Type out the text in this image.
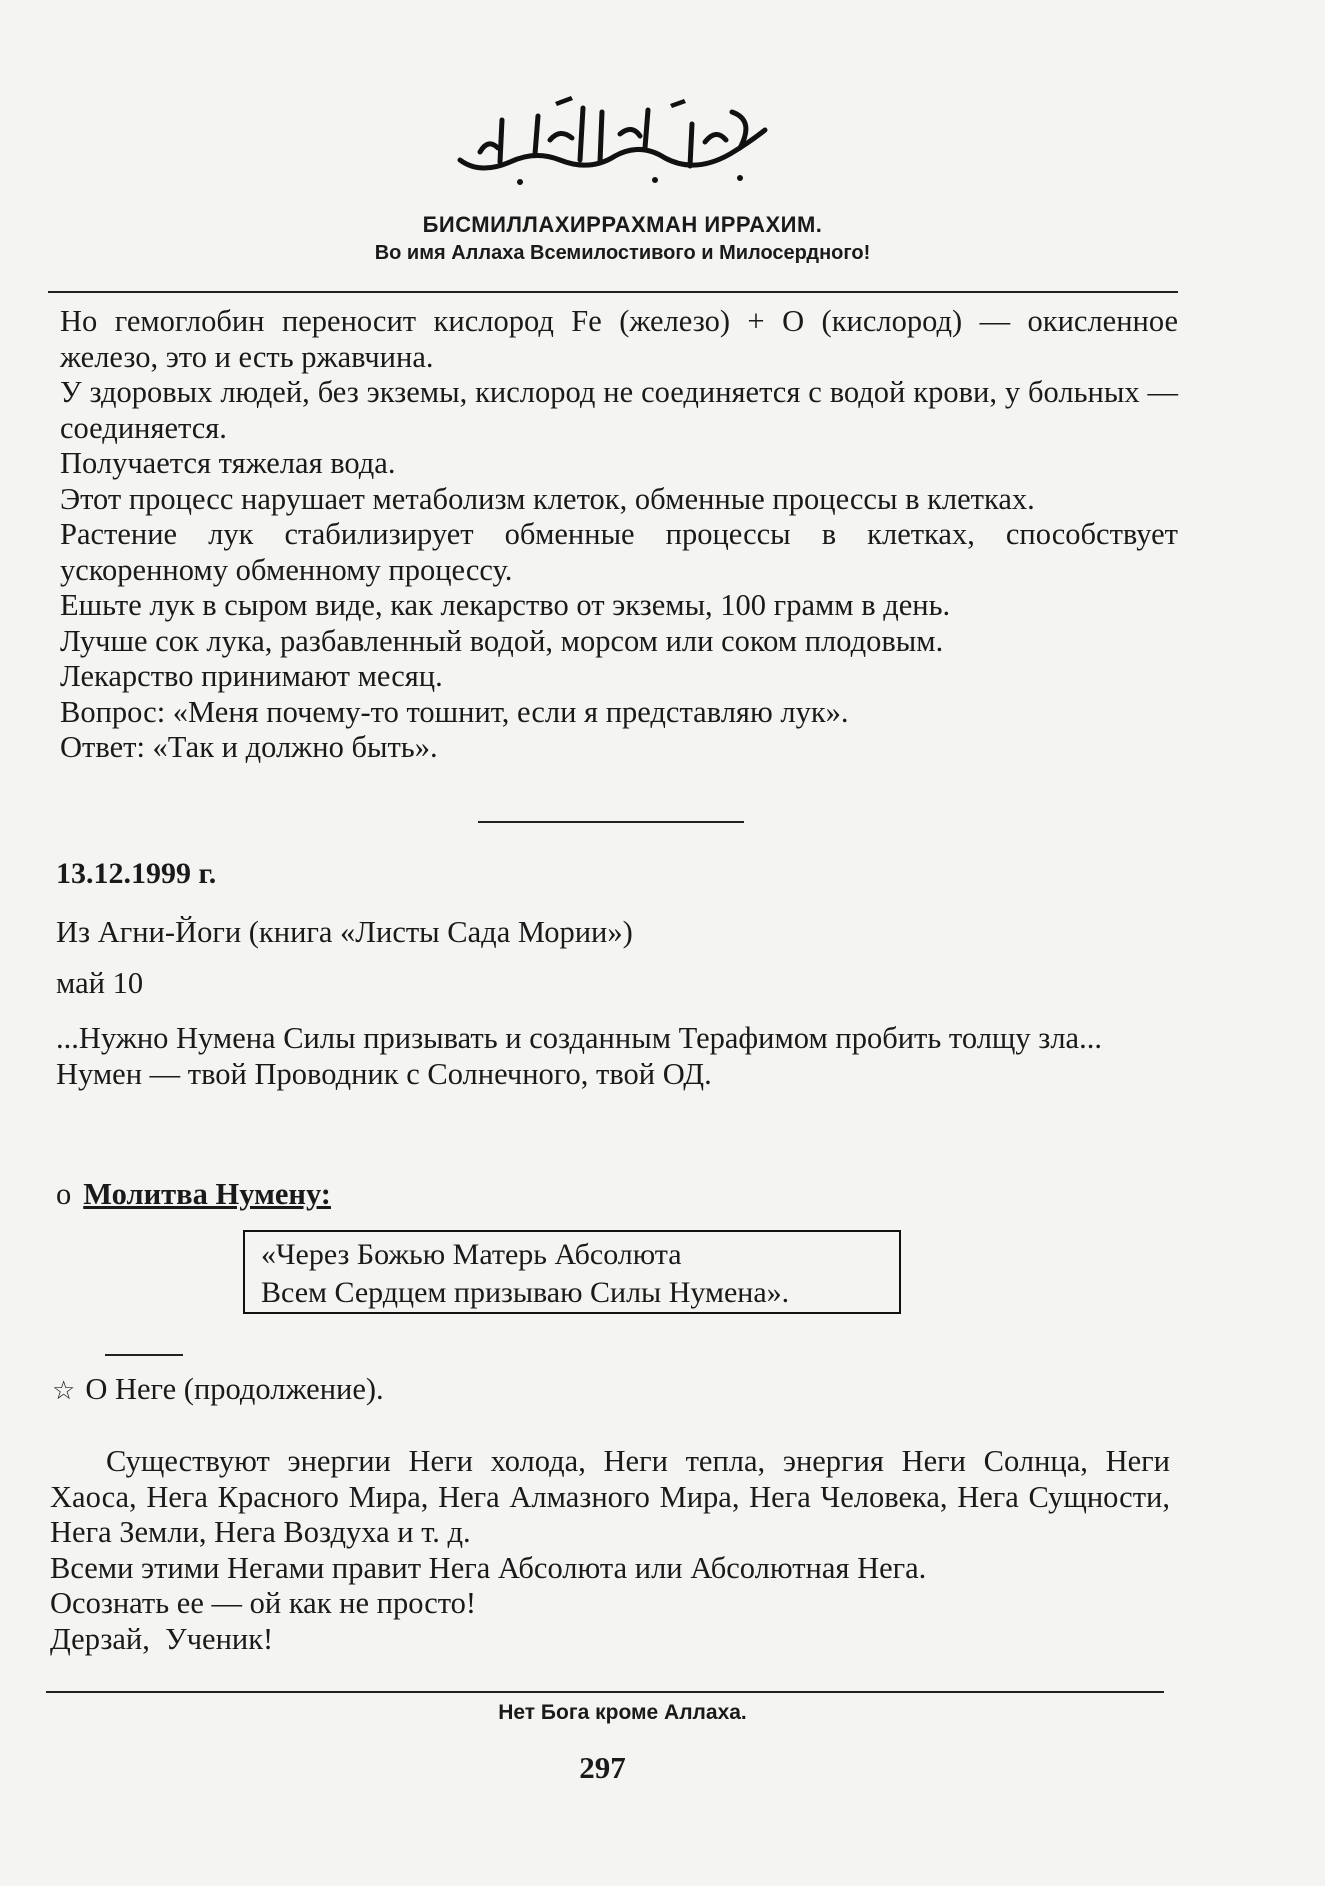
БИСМИЛЛАХИРРАХМАН ИРРАХИМ.
Во имя Аллаха Всемилостивого и Милосердного!

Но гемоглобин переносит кислород Fe (железо) + О (кислород) — окисленное железо, это и есть ржавчина.

У здоровых людей, без экземы, кислород не соединяется с водой крови, у больных — соединяется.

Получается тяжелая вода.

Этот процесс нарушает метаболизм клеток, обменные процессы в клетках.

Растение лук стабилизирует обменные процессы в клетках, способствует ускоренному обменному процессу.

Ешьте лук в сыром виде, как лекарство от экземы, 100 грамм в день.

Лучше сок лука, разбавленный водой, морсом или соком плодовым.

Лекарство принимают месяц.

Вопрос: «Меня почему-то тошнит, если я представляю лук».

Ответ: «Так и должно быть».

13.12.1999 г.
Из Агни-Йоги (книга «Листы Сада Мории»)
май 10

...Нужно Нумена Силы призывать и созданным Терафимом пробить толщу зла...

Нумен — твой Проводник с Солнечного, твой ОД.

о Молитва Нумену:

«Через Божью Матерь Абсолюта

Всем Сердцем призываю Силы Нумена».

☆ О Неге (продолжение).

Существуют энергии Неги холода, Неги тепла, энергия Неги Солнца, Неги Хаоса, Нега Красного Мира, Нега Алмазного Мира, Нега Человека, Нега Сущности, Нега Земли, Нега Воздуха и т. д.

Всеми этими Негами правит Нега Абсолюта или Абсолютная Нега.

Осознать ее — ой как не просто!

Дерзай,  Ученик!

Нет Бога кроме Аллаха.
297
